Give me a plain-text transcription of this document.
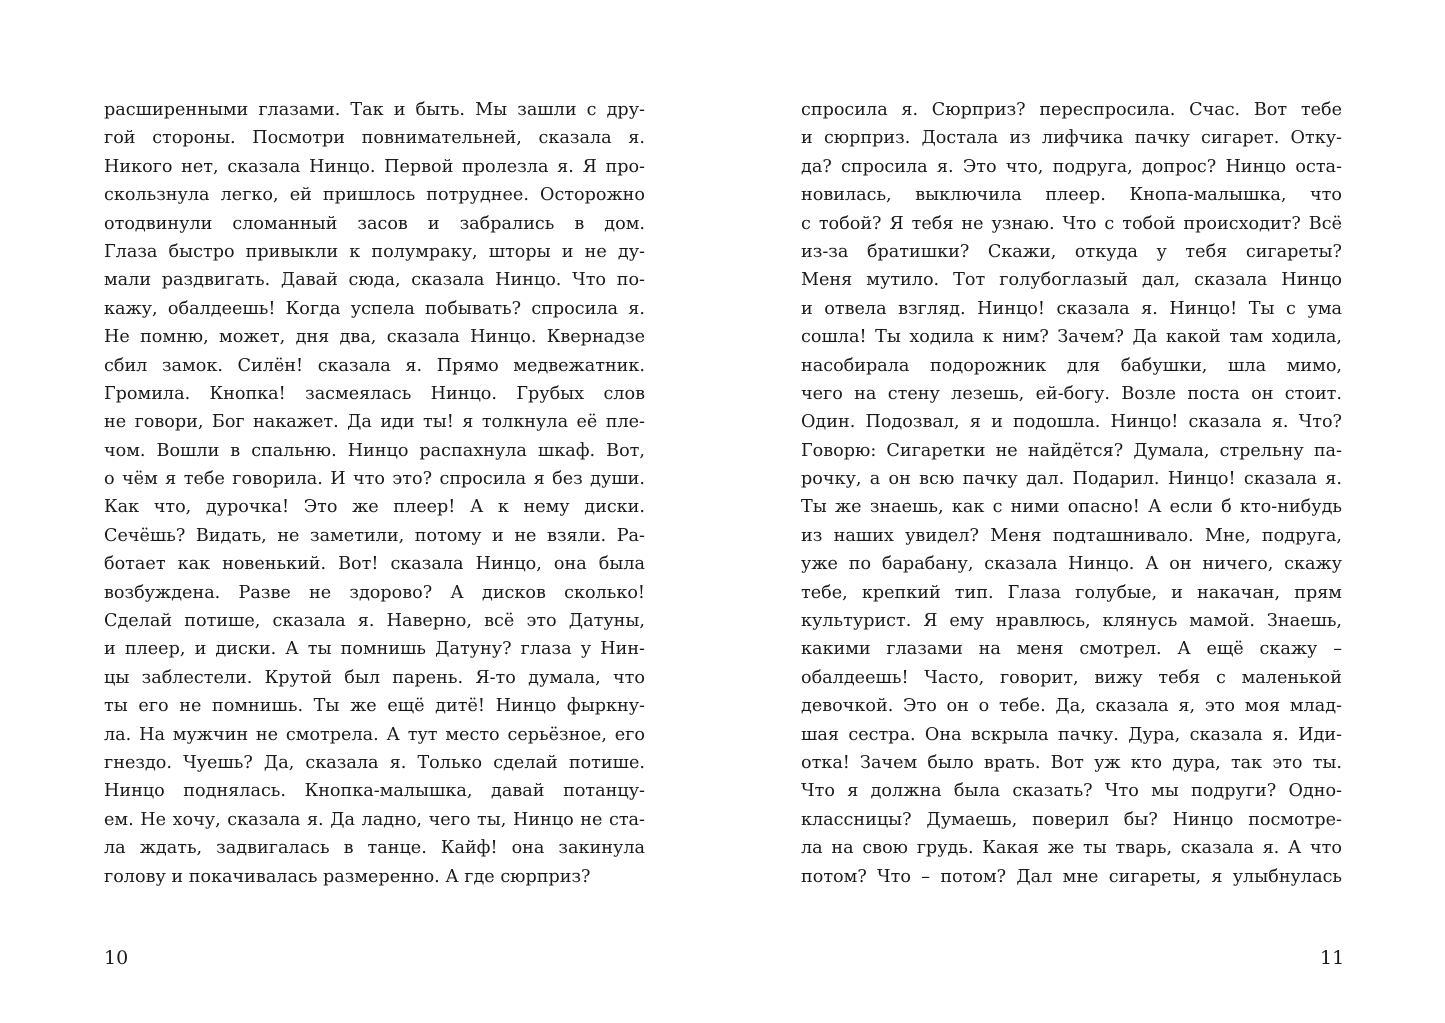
расширенными глазами. Так и быть. Мы зашли с дру-
гой стороны. Посмотри повнимательней, сказала я.
Никого нет, сказала Нинцо. Первой пролезла я. Я про-
скользнула легко, ей пришлось потруднее. Осторожно
отодвинули сломанный засов и забрались в дом.
Глаза быстро привыкли к полумраку, шторы и не ду-
мали раздвигать. Давай сюда, сказала Нинцо. Что по-
кажу, обалдеешь! Когда успела побывать? спросила я.
Не помню, может, дня два, сказала Нинцо. Квернадзе
сбил замок. Силён! сказала я. Прямо медвежатник.
Громила. Кнопка! засмеялась Нинцо. Грубых слов
не говори, Бог накажет. Да иди ты! я толкнула её пле-
чом. Вошли в спальню. Нинцо распахнула шкаф. Вот,
о чём я тебе говорила. И что это? спросила я без души.
Как что, дурочка! Это же плеер! А к нему диски.
Сечёшь? Видать, не заметили, потому и не взяли. Ра-
ботает как новенький. Вот! сказала Нинцо, она была
возбуждена. Разве не здорово? А дисков сколько!
Сделай потише, сказала я. Наверно, всё это Датуны,
и плеер, и диски. А ты помнишь Датуну? глаза у Нин-
цы заблестели. Крутой был парень. Я-то думала, что
ты его не помнишь. Ты же ещё дитё! Нинцо фыркну-
ла. На мужчин не смотрела. А тут место серьёзное, его
гнездо. Чуешь? Да, сказала я. Только сделай потише.
Нинцо поднялась. Кнопка-малышка, давай потанцу-
ем. Не хочу, сказала я. Да ладно, чего ты, Нинцо не ста-
ла ждать, задвигалась в танце. Кайф! она закинула
голову и покачивалась размеренно. А где сюрприз?
10
спросила я. Сюрприз? переспросила. Счас. Вот тебе
и сюрприз. Достала из лифчика пачку сигарет. Отку-
да? спросила я. Это что, подруга, допрос? Нинцо оста-
новилась, выключила плеер. Кнопа-малышка, что
с тобой? Я тебя не узнаю. Что с тобой происходит? Всё
из-за братишки? Скажи, откуда у тебя сигареты?
Меня мутило. Тот голубоглазый дал, сказала Нинцо
и отвела взгляд. Нинцо! сказала я. Нинцо! Ты с ума
сошла! Ты ходила к ним? Зачем? Да какой там ходила,
насобирала подорожник для бабушки, шла мимо,
чего на стену лезешь, ей-богу. Возле поста он стоит.
Один. Подозвал, я и подошла. Нинцо! сказала я. Что?
Говорю: Сигаретки не найдётся? Думала, стрельну па-
рочку, а он всю пачку дал. Подарил. Нинцо! сказала я.
Ты же знаешь, как с ними опасно! А если б кто-нибудь
из наших увидел? Меня подташнивало. Мне, подруга,
уже по барабану, сказала Нинцо. А он ничего, скажу
тебе, крепкий тип. Глаза голубые, и накачан, прям
культурист. Я ему нравлюсь, клянусь мамой. Знаешь,
какими глазами на меня смотрел. А ещё скажу –
обалдеешь! Часто, говорит, вижу тебя с маленькой
девочкой. Это он о тебе. Да, сказала я, это моя млад-
шая сестра. Она вскрыла пачку. Дура, сказала я. Иди-
отка! Зачем было врать. Вот уж кто дура, так это ты.
Что я должна была сказать? Что мы подруги? Одно-
классницы? Думаешь, поверил бы? Нинцо посмотре-
ла на свою грудь. Какая же ты тварь, сказала я. А что
потом? Что – потом? Дал мне сигареты, я улыбнулась
11
